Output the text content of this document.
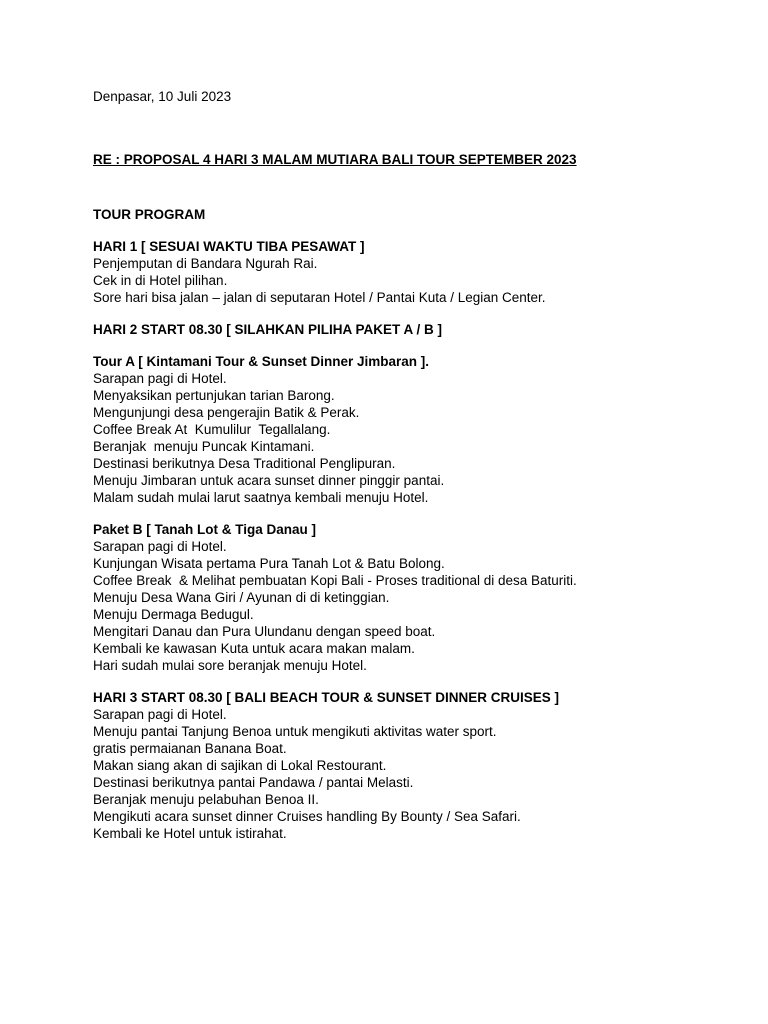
Denpasar, 10 Juli 2023

RE : PROPOSAL 4 HARI 3 MALAM MUTIARA BALI TOUR SEPTEMBER 2023

TOUR PROGRAM

HARI 1 [ SESUAI WAKTU TIBA PESAWAT ]

Penjemputan di Bandara Ngurah Rai.

Cek in di Hotel pilihan.

Sore hari bisa jalan – jalan di seputaran Hotel / Pantai Kuta / Legian Center.

HARI 2 START 08.30 [ SILAHKAN PILIHA PAKET A / B ]

Tour A [ Kintamani Tour & Sunset Dinner Jimbaran ].

Sarapan pagi di Hotel.

Menyaksikan pertunjukan tarian Barong.

Mengunjungi desa pengerajin Batik & Perak.

Coffee Break At  Kumulilur  Tegallalang.

Beranjak  menuju Puncak Kintamani.

Destinasi berikutnya Desa Traditional Penglipuran.

Menuju Jimbaran untuk acara sunset dinner pinggir pantai.

Malam sudah mulai larut saatnya kembali menuju Hotel.

Paket B [ Tanah Lot & Tiga Danau ]

Sarapan pagi di Hotel.

Kunjungan Wisata pertama Pura Tanah Lot & Batu Bolong.

Coffee Break  & Melihat pembuatan Kopi Bali - Proses traditional di desa Baturiti.

Menuju Desa Wana Giri / Ayunan di di ketinggian.

Menuju Dermaga Bedugul.

Mengitari Danau dan Pura Ulundanu dengan speed boat.

Kembali ke kawasan Kuta untuk acara makan malam.

Hari sudah mulai sore beranjak menuju Hotel.

HARI 3 START 08.30 [ BALI BEACH TOUR & SUNSET DINNER CRUISES ]

Sarapan pagi di Hotel.

Menuju pantai Tanjung Benoa untuk mengikuti aktivitas water sport.

gratis permaianan Banana Boat.

Makan siang akan di sajikan di Lokal Restourant.

Destinasi berikutnya pantai Pandawa / pantai Melasti.

Beranjak menuju pelabuhan Benoa II.

Mengikuti acara sunset dinner Cruises handling By Bounty / Sea Safari.

Kembali ke Hotel untuk istirahat.
